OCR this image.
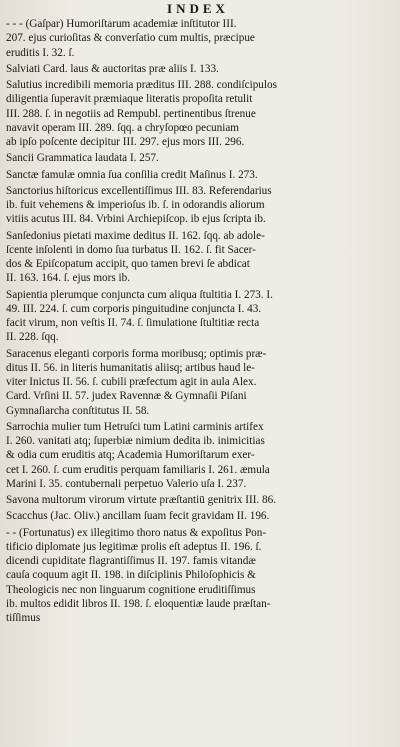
INDEX
- - - (Gaſpar) Humoriſtarum academiæ inſtitutor III.
207. ejus curioſitas & converſatio cum multis, præcipue
eruditis I. 32. ſ.
Salviati Card. laus & auctoritas præ aliis I. 133.
Salutius incredibili memoria præditus III. 288. condiſcipulos
diligentia ſuperavit præmiaque literatis propoſita retulit
III. 288. ſ. in negotiis ad Rempubl. pertinentibus ſtrenue
navavit operam III. 289. ſqq. a chryſopœo pecuniam
ab ipſo poſcente decipitur III. 297. ejus mors III. 296.
Sancii Grammatica laudata I. 257.
Sanctæ famulæ omnia ſua conſilia credit Maſinus I. 273.
Sanctorius hiſtoricus excellentiſſimus III. 83. Referendarius
ib. fuit vehemens & imperioſus ib. ſ. in odorandis aliorum
vitiis acutus III. 84. Vrbini Archiepiſcop. ib ejus ſcripta ib.
Sanſedonius pietati maxime deditus II. 162. ſqq. ab adole-
ſcente inſolenti in domo ſua turbatus II. 162. ſ. fit Sacer-
dos & Epiſcopatum accipit, quo tamen brevi ſe abdicat
II. 163. 164. ſ. ejus mors ib.
Sapientia plerumque conjuncta cum aliqua ſtultitia I. 273. I.
49. III. 224. ſ. cum corporis pinguitudine conjuncta I. 43.
facit virum, non veſtis II. 74. ſ. ſimulatione ſtultitiæ recta
II. 228. ſqq.
Saracenus eleganti corporis forma moribusq; optimis præ-
ditus II. 56. in literis humanitatis aliisq; artibus haud le-
viter Inictus II. 56. ſ. cubili præfectum agit in aula Alex.
Card. Vrſini II. 57. judex Ravennæ & Gymnaſii Piſani
Gymnaſiarcha conſtitutus II. 58.
Sarrochia mulier tum Hetruſci tum Latini carminis artifex
I. 260. vanitati atq; ſuperbiæ nimium dedita ib. inimicitias
& odia cum eruditis atq; Academia Humoriſtarum exer-
cet I. 260. ſ. cum eruditis perquam familiaris I. 261. æmula
Marini I. 35. contubernali perpetuo Valerio uſa I. 237.
Savona multorum virorum virtute præſtantiū genitrix III. 86.
Scacchus (Jac. Oliv.) ancillam ſuam fecit gravidam II. 196.
- - (Fortunatus) ex illegitimo thoro natus & expoſitus Pon-
tificio diplomate jus legitimæ prolis eſt adeptus II. 196. ſ.
dicendi cupiditate flagrantiſſimus II. 197. famis vitandæ
cauſa coquum agit II. 198. in diſciplinis Philoſophicis &
Theologicis nec non linguarum cognitione eruditiſſimus
ib. multos edidit libros II. 198. ſ. eloquentiæ laude præſtan-
tiſſimus
